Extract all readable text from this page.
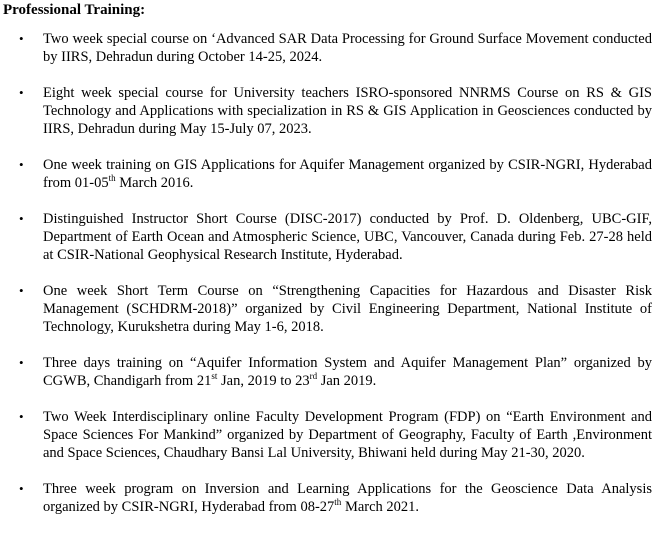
Professional Training:

• Two week special course on ‘Advanced SAR Data Processing for Ground Surface Movement conducted by IIRS, Dehradun during October 14-25, 2024.
• Eight week special course for University teachers ISRO-sponsored NNRMS Course on RS & GIS Technology and Applications with specialization in RS & GIS Application in Geosciences conducted by IIRS, Dehradun during May 15-July 07, 2023.
• One week training on GIS Applications for Aquifer Management organized by CSIR-NGRI, Hyderabad from 01-05th March 2016.
• Distinguished Instructor Short Course (DISC-2017) conducted by Prof. D. Oldenberg, UBC-GIF, Department of Earth Ocean and Atmospheric Science, UBC, Vancouver, Canada during Feb. 27-28 held at CSIR-National Geophysical Research Institute, Hyderabad.
• One week Short Term Course on “Strengthening Capacities for Hazardous and Disaster Risk Management (SCHDRM-2018)” organized by Civil Engineering Department, National Institute of Technology, Kurukshetra during May 1-6, 2018.
• Three days training on “Aquifer Information System and Aquifer Management Plan” organized by CGWB, Chandigarh from 21st Jan, 2019 to 23rd Jan 2019.
• Two Week Interdisciplinary online Faculty Development Program (FDP) on “Earth Environment and Space Sciences For Mankind” organized by Department of Geography, Faculty of Earth ,Environment and Space Sciences, Chaudhary Bansi Lal University, Bhiwani held during May 21-30, 2020.
• Three week program on Inversion and Learning Applications for the Geoscience Data Analysis organized by CSIR-NGRI, Hyderabad from 08-27th March 2021.
